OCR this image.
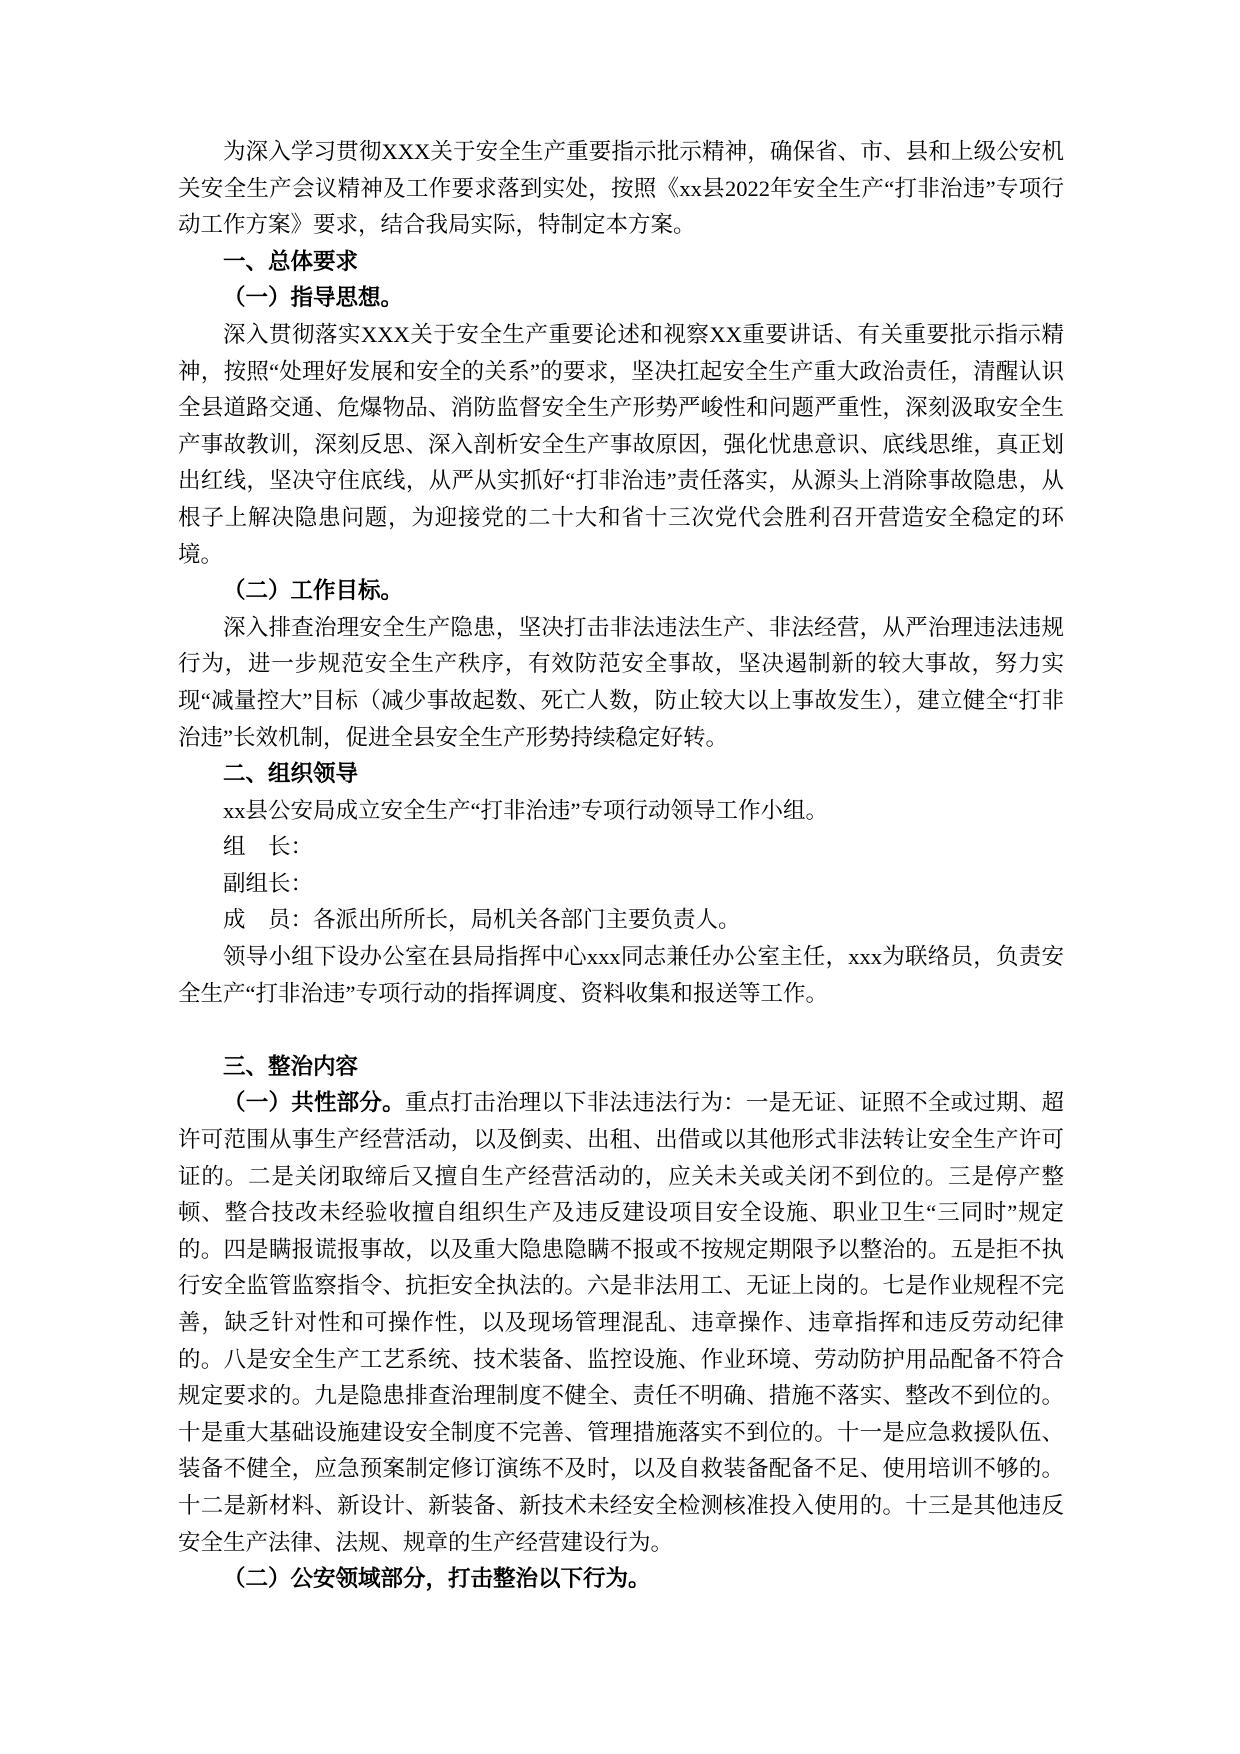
为深入学习贯彻XXX关于安全生产重要指示批示精神，确保省、市、县和上级公安机关安全生产会议精神及工作要求落到实处，按照《xx县2022年安全生产“打非治违”专项行动工作方案》要求，结合我局实际，特制定本方案。

一、总体要求

（一）指导思想。

深入贯彻落实XXX关于安全生产重要论述和视察XX重要讲话、有关重要批示指示精神，按照“处理好发展和安全的关系”的要求，坚决扛起安全生产重大政治责任，清醒认识全县道路交通、危爆物品、消防监督安全生产形势严峻性和问题严重性，深刻汲取安全生产事故教训，深刻反思、深入剖析安全生产事故原因，强化忧患意识、底线思维，真正划出红线，坚决守住底线，从严从实抓好“打非治违”责任落实，从源头上消除事故隐患，从根子上解决隐患问题，为迎接党的二十大和省十三次党代会胜利召开营造安全稳定的环境。

（二）工作目标。

深入排查治理安全生产隐患，坚决打击非法违法生产、非法经营，从严治理违法违规行为，进一步规范安全生产秩序，有效防范安全事故，坚决遏制新的较大事故，努力实现“减量控大”目标（减少事故起数、死亡人数，防止较大以上事故发生），建立健全“打非治违”长效机制，促进全县安全生产形势持续稳定好转。

二、组织领导

xx县公安局成立安全生产“打非治违”专项行动领导工作小组。

组　长：

副组长：

成　员：各派出所所长，局机关各部门主要负责人。

领导小组下设办公室在县局指挥中心xxx同志兼任办公室主任，xxx为联络员，负责安全生产“打非治违”专项行动的指挥调度、资料收集和报送等工作。

三、整治内容

（一）共性部分。重点打击治理以下非法违法行为：一是无证、证照不全或过期、超许可范围从事生产经营活动，以及倒卖、出租、出借或以其他形式非法转让安全生产许可证的。二是关闭取缔后又擅自生产经营活动的，应关未关或关闭不到位的。三是停产整顿、整合技改未经验收擅自组织生产及违反建设项目安全设施、职业卫生“三同时”规定的。四是瞒报谎报事故，以及重大隐患隐瞒不报或不按规定期限予以整治的。五是拒不执行安全监管监察指令、抗拒安全执法的。六是非法用工、无证上岗的。七是作业规程不完善，缺乏针对性和可操作性，以及现场管理混乱、违章操作、违章指挥和违反劳动纪律的。八是安全生产工艺系统、技术装备、监控设施、作业环境、劳动防护用品配备不符合规定要求的。九是隐患排查治理制度不健全、责任不明确、措施不落实、整改不到位的。十是重大基础设施建设安全制度不完善、管理措施落实不到位的。十一是应急救援队伍、装备不健全，应急预案制定修订演练不及时，以及自救装备配备不足、使用培训不够的。十二是新材料、新设计、新装备、新技术未经安全检测核准投入使用的。十三是其他违反安全生产法律、法规、规章的生产经营建设行为。

（二）公安领域部分，打击整治以下行为。
